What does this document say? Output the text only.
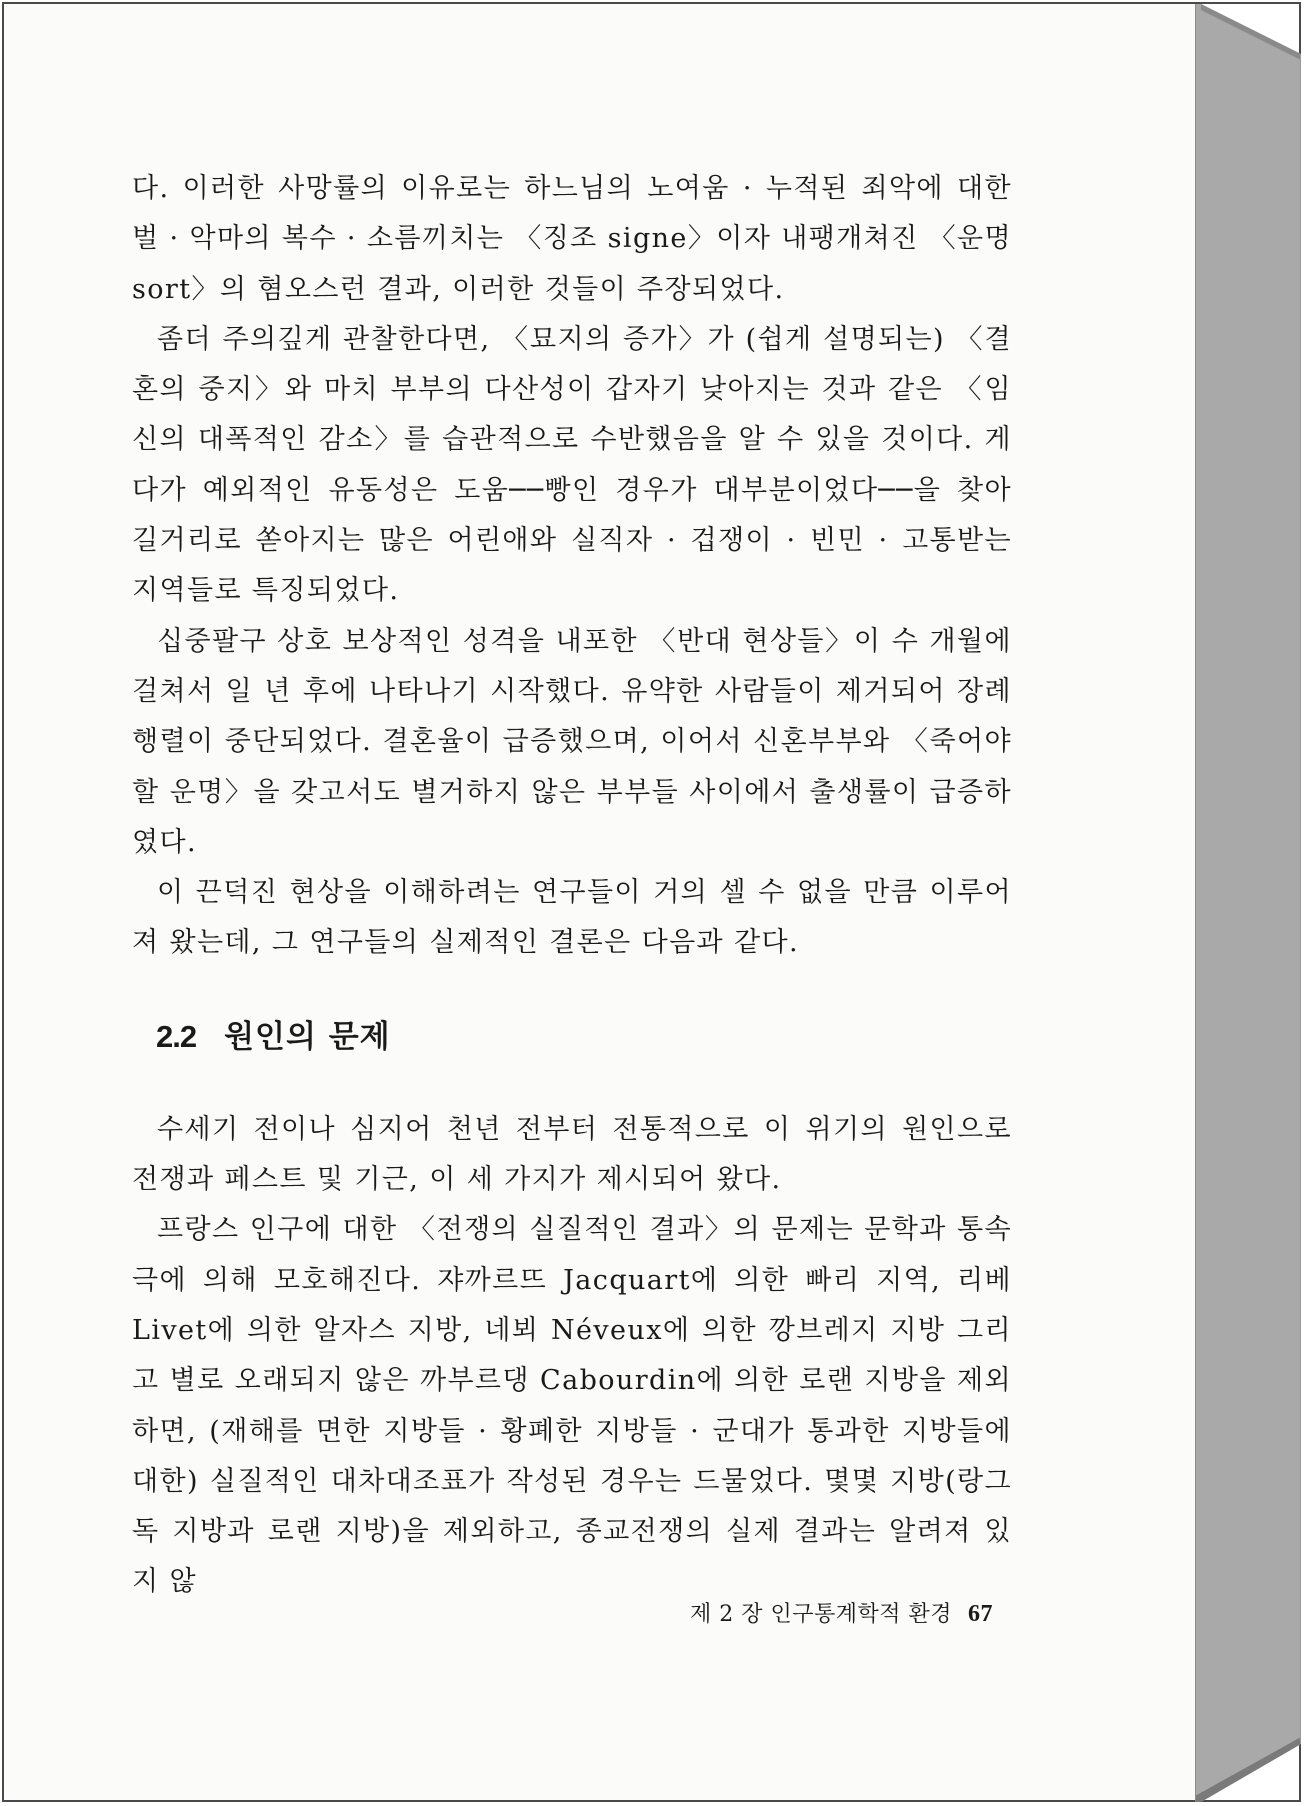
다. 이러한 사망률의 이유로는 하느님의 노여움 · 누적된 죄악에 대한 벌 · 악마의 복수 · 소름끼치는 〈징조 signe〉이자 내팽개쳐진 〈운명 sort〉의 혐오스런 결과, 이러한 것들이 주장되었다.

좀더 주의깊게 관찰한다면, 〈묘지의 증가〉가 (쉽게 설명되는) 〈결혼의 중지〉와 마치 부부의 다산성이 갑자기 낮아지는 것과 같은 〈임신의 대폭적인 감소〉를 습관적으로 수반했음을 알 수 있을 것이다. 게다가 예외적인 유동성은 도움──빵인 경우가 대부분이었다──을 찾아 길거리로 쏟아지는 많은 어린애와 실직자 · 겁쟁이 · 빈민 · 고통받는 지역들로 특징되었다.

십중팔구 상호 보상적인 성격을 내포한 〈반대 현상들〉이 수 개월에 걸쳐서 일 년 후에 나타나기 시작했다. 유약한 사람들이 제거되어 장례행렬이 중단되었다. 결혼율이 급증했으며, 이어서 신혼부부와 〈죽어야 할 운명〉을 갖고서도 별거하지 않은 부부들 사이에서 출생률이 급증하였다.

이 끈덕진 현상을 이해하려는 연구들이 거의 셀 수 없을 만큼 이루어져 왔는데, 그 연구들의 실제적인 결론은 다음과 같다.

2.2 원인의 문제

수세기 전이나 심지어 천년 전부터 전통적으로 이 위기의 원인으로 전쟁과 페스트 및 기근, 이 세 가지가 제시되어 왔다.

프랑스 인구에 대한 〈전쟁의 실질적인 결과〉의 문제는 문학과 통속극에 의해 모호해진다. 쟈까르뜨 Jacquart에 의한 빠리 지역, 리베 Livet에 의한 알자스 지방, 네뵈 Néveux에 의한 깡브레지 지방 그리고 별로 오래되지 않은 까부르댕 Cabourdin에 의한 로랜 지방을 제외하면, (재해를 면한 지방들 · 황폐한 지방들 · 군대가 통과한 지방들에 대한) 실질적인 대차대조표가 작성된 경우는 드물었다. 몇몇 지방(랑그독 지방과 로랜 지방)을 제외하고, 종교전쟁의 실제 결과는 알려져 있지 않

제 2 장 인구통계학적 환경 67
